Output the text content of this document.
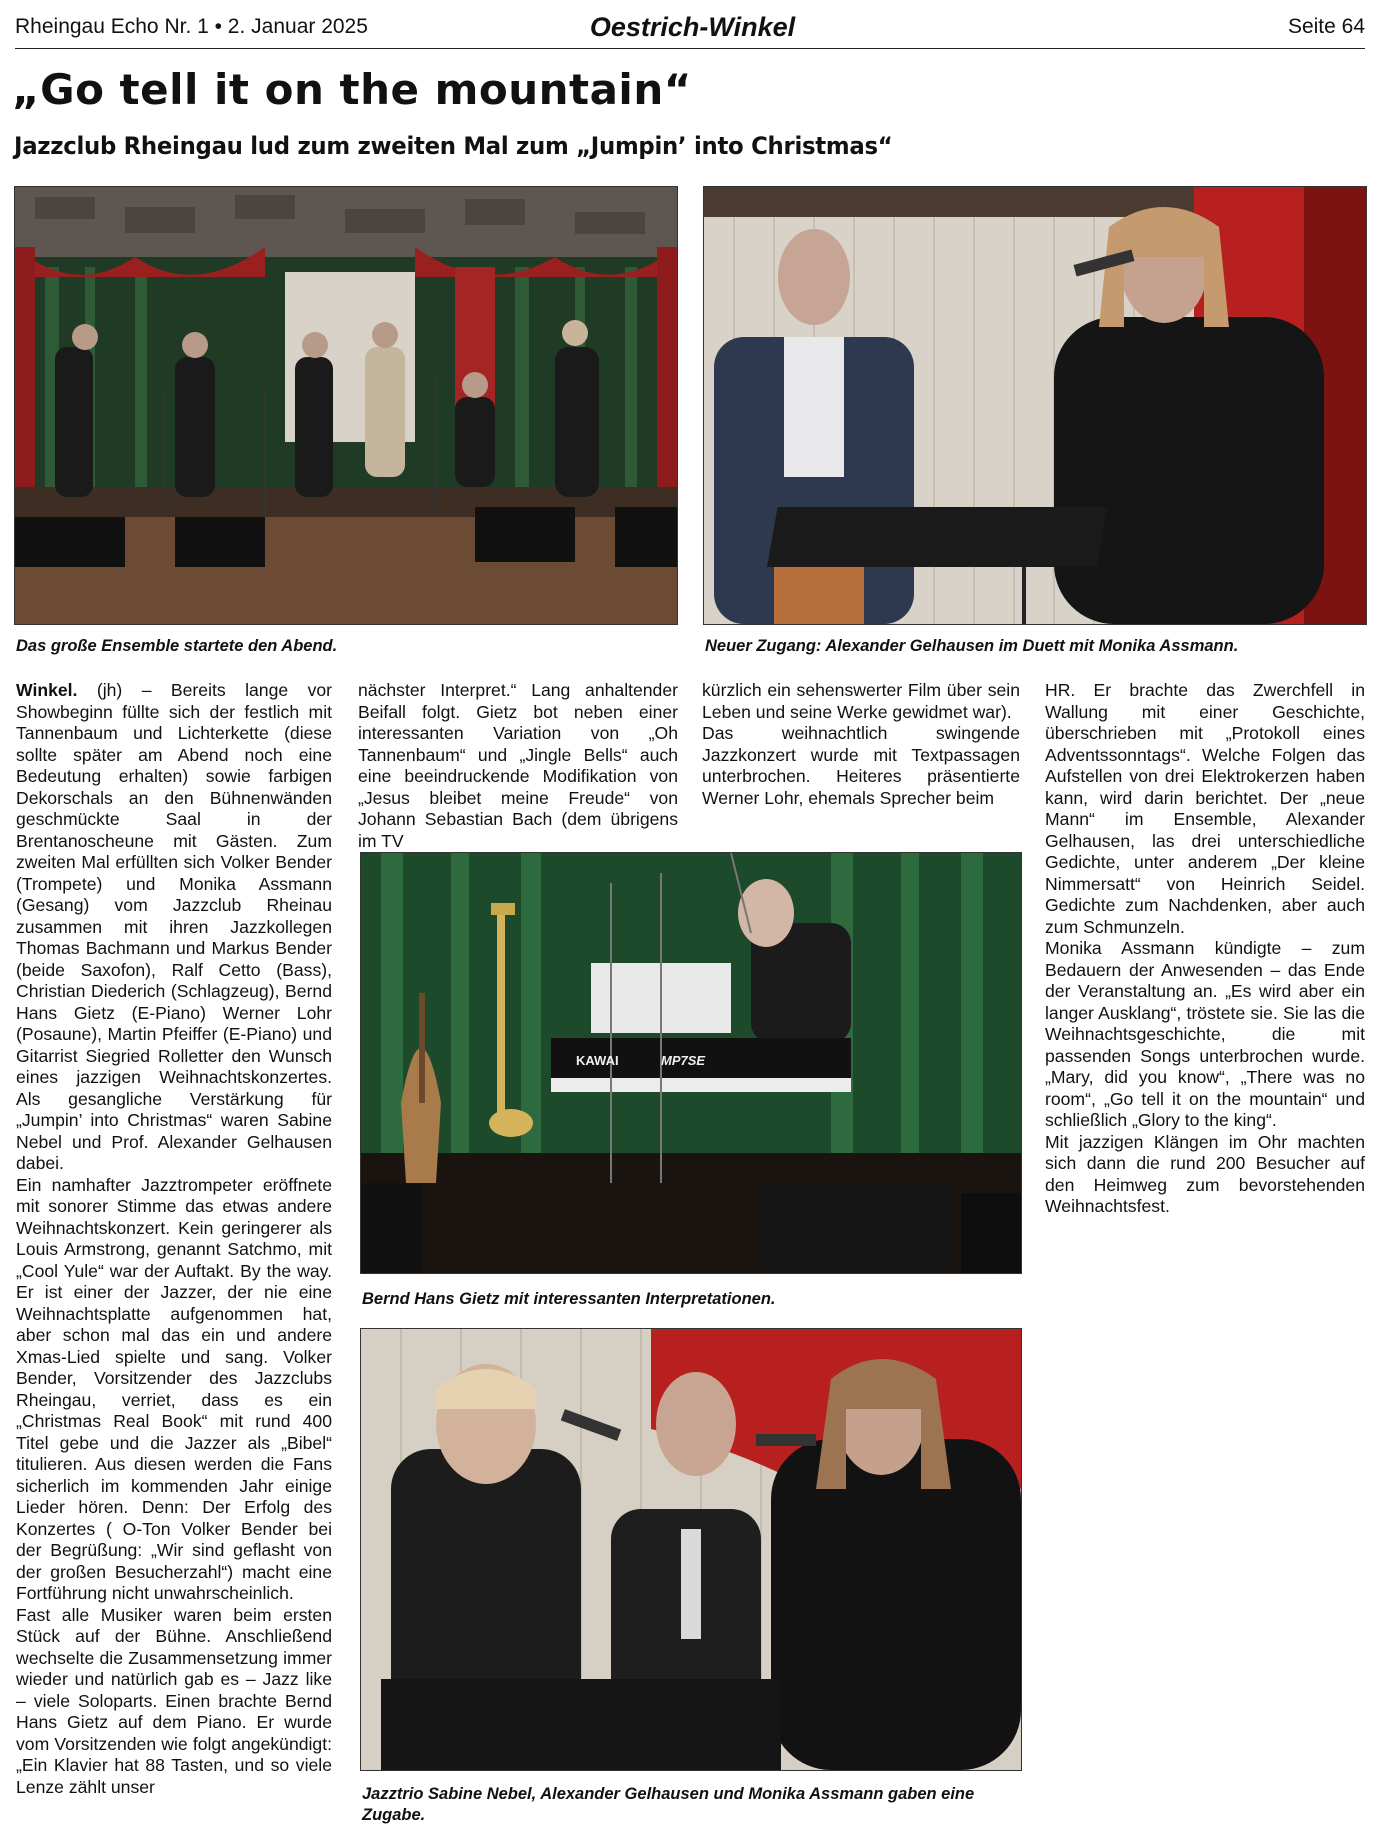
Rheingau Echo Nr. 1 • 2. Januar 2025	Oestrich-Winkel	Seite 64
„Go tell it on the mountain“
Jazzclub Rheingau lud zum zweiten Mal zum „Jumpin’ into Christmas“
Das große Ensemble startete den Abend.	Neuer Zugang: Alexander Gelhausen im Duett mit Monika Assmann.

Winkel. (jh) – Bereits lange vor Showbeginn füllte sich der festlich mit Tannenbaum und Lichterkette (diese sollte später am Abend noch eine Bedeutung erhalten) sowie farbigen Dekorschals an den Bühnenwänden geschmückte Saal in der Brentanoscheune mit Gästen. Zum zweiten Mal erfüllten sich Volker Bender (Trompete) und Monika Assmann (Gesang) vom Jazzclub Rheinau zusammen mit ihren Jazzkollegen Thomas Bachmann und Markus Bender (beide Saxofon), Ralf Cetto (Bass), Christian Diederich (Schlagzeug), Bernd Hans Gietz (E-Piano) Werner Lohr (Posaune), Martin Pfeiffer (E-Piano) und Gitarrist Siegried Rolletter den Wunsch eines jazzigen Weihnachtskonzertes. Als gesangliche Verstärkung für „Jumpin’ into Christmas“ waren Sabine Nebel und Prof. Alexander Gelhausen dabei.
Ein namhafter Jazztrompeter eröffnete mit sonorer Stimme das etwas andere Weihnachtskonzert. Kein geringerer als Louis Armstrong, genannt Satchmo, mit „Cool Yule“ war der Auftakt. By the way. Er ist einer der Jazzer, der nie eine Weihnachtsplatte aufgenommen hat, aber schon mal das ein und andere Xmas-Lied spielte und sang. Volker Bender, Vorsitzender des Jazzclubs Rheingau, verriet, dass es ein „Christmas Real Book“ mit rund 400 Titel gebe und die Jazzer als „Bibel“ titulieren. Aus diesen werden die Fans sicherlich im kommenden Jahr einige Lieder hören. Denn: Der Erfolg des Konzertes ( O-Ton Volker Bender bei der Begrüßung: „Wir sind geflasht von der großen Besucherzahl“) macht eine Fortführung nicht unwahrscheinlich.
Fast alle Musiker waren beim ersten Stück auf der Bühne. Anschließend wechselte die Zusammensetzung immer wieder und natürlich gab es – Jazz like – viele Soloparts. Einen brachte Bernd Hans Gietz auf dem Piano. Er wurde vom Vorsitzenden wie folgt angekündigt: „Ein Klavier hat 88 Tasten, und so viele Lenze zählt unser

nächster Interpret.“ Lang anhaltender Beifall folgt. Gietz bot neben einer interessanten Variation von „Oh Tannenbaum“ und „Jingle Bells“ auch eine beeindruckende Modifikation von „Jesus bleibet meine Freude“ von Johann Sebastian Bach (dem übrigens im TV

kürzlich ein sehenswerter Film über sein Leben und seine Werke gewidmet war).
Das weihnachtlich swingende Jazzkonzert wurde mit Textpassagen unterbrochen. Heiteres präsentierte Werner Lohr, ehemals Sprecher beim

HR. Er brachte das Zwerchfell in Wallung mit einer Geschichte, überschrieben mit „Protokoll eines Adventssonntags“. Welche Folgen das Aufstellen von drei Elektrokerzen haben kann, wird darin berichtet. Der „neue Mann“ im Ensemble, Alexander Gelhausen, las drei unterschiedliche Gedichte, unter anderem „Der kleine Nimmersatt“ von Heinrich Seidel. Gedichte zum Nachdenken, aber auch zum Schmunzeln.
Monika Assmann kündigte – zum Bedauern der Anwesenden – das Ende der Veranstaltung an. „Es wird aber ein langer Ausklang“, tröstete sie. Sie las die Weihnachtsgeschichte, die mit passenden Songs unterbrochen wurde. „Mary, did you know“, „There was no room“, „Go tell it on the mountain“ und schließlich „Glory to the king“.
Mit jazzigen Klängen im Ohr machten sich dann die rund 200 Besucher auf den Heimweg zum bevorstehenden Weihnachtsfest.

KAWAI	MP7SE
Bernd Hans Gietz mit interessanten Interpretationen.
Jazztrio Sabine Nebel, Alexander Gelhausen und Monika Assmann gaben eine Zugabe.
